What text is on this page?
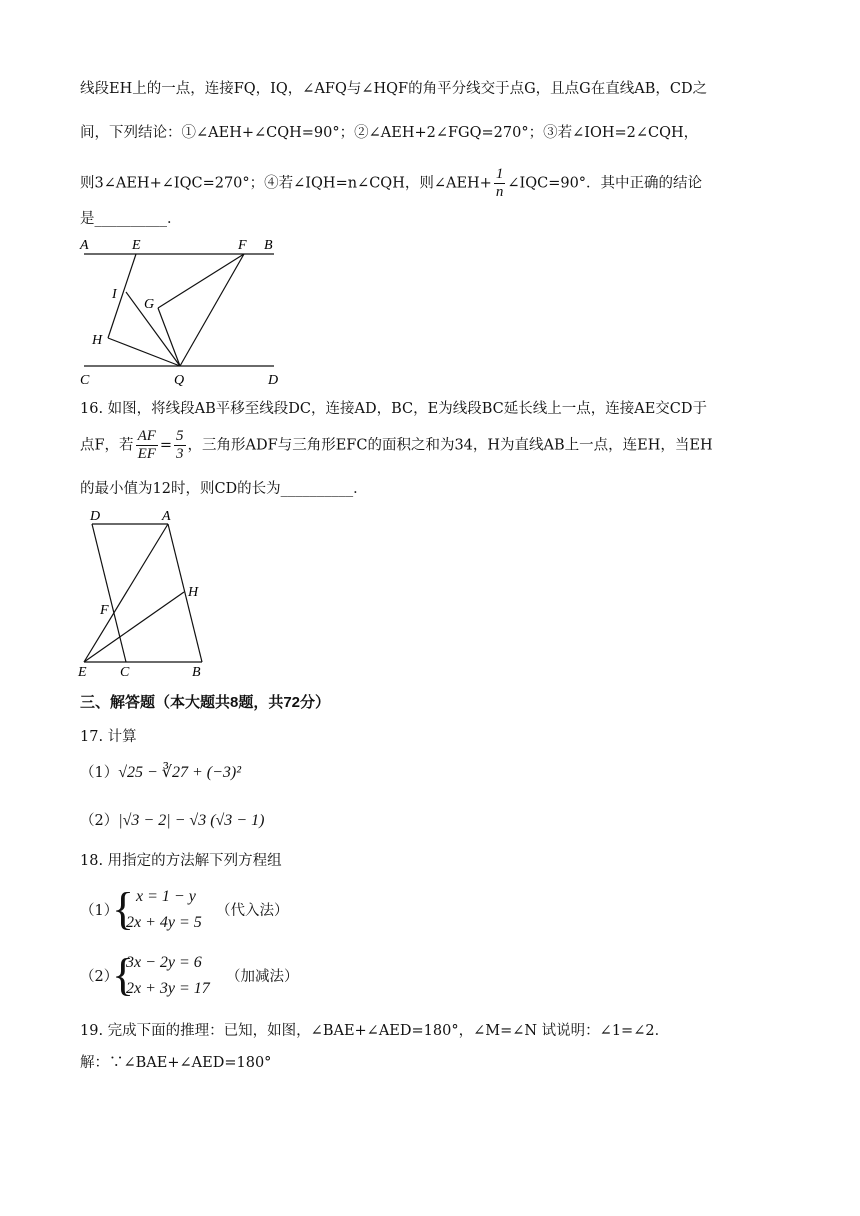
线段EH上的一点，连接FQ，IQ，∠AFQ与∠HQF的角平分线交于点G，且点G在直线AB，CD之
间，下列结论：①∠AEH+∠CQH=90°；②∠AEH+2∠FGQ=270°；③若∠IOH=2∠CQH，
则3∠AEH+∠IQC=270°；④若∠IQH=n∠CQH，则∠AEH+ $\frac{1}{n}$ ∠IQC=90°．其中正确的结论
是__________．
A	E	F B
I
G
H
C	Q	D
16. 如图，将线段AB平移至线段DC，连接AD，BC，E为线段BC延长线上一点，连接AE交CD于
点F，若 $\frac{AF}{EF} = \frac{5}{3}$ ，三角形ADF与三角形EFC的面积之和为34，H为直线AB上一点，连EH，当EH
的最小值为12时，则CD的长为__________．
D	A
F
H
E C	B
三、解答题（本大题共8题，共72分）
17. 计算
（1）√25 − ∛27 + (−3)²
（2）|√3 − 2| − √3 (√3 − 1)
18. 用指定的方法解下列方程组
（1）
{ x = 1 − y
2x + 4y = 5
（代入法）
（2）
{
3x − 2y = 6
2x + 3y = 17
（加减法）
19. 完成下面的推理：已知，如图，∠BAE+∠AED=180°，∠M=∠N 试说明：∠1=∠2．
解：∵∠BAE+∠AED=180°
